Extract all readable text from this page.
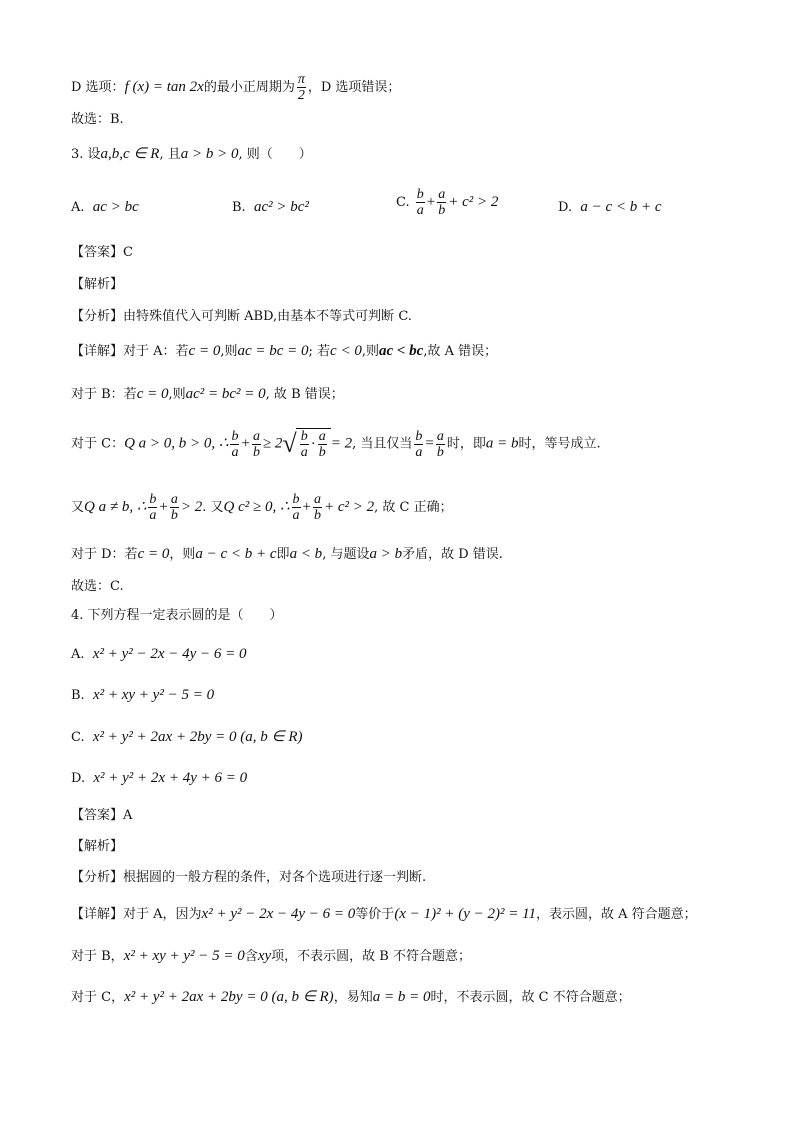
D 选项：f (x) = tan 2x的最小正周期为 $\frac{\pi}{2}$ ，D 选项错误；
故选：B.
3. 设a,b,c ∈ R, 且a > b > 0, 则（　　）
A. ac > bc	B. ac² > bc²	C. $\frac{b}{a} + \frac{a}{b} + c^2 > 2$	D. a − c < b + c
【答案】C
【解析】
【分析】由特殊值代入可判断 ABD,由基本不等式可判断 C.
【详解】对于 A：若c = 0,则ac = bc = 0; 若c < 0,则ac < bc,故 A 错误；
对于 B：若c = 0,则ac² = bc² = 0, 故 B 错误；
对于 C：Q a > 0, b > 0, ∴ $\frac{b}{a} + \frac{a}{b} \ge 2√ \frac{b}{a} \cdot \frac{a}{b} = 2$, 当且仅当 $\frac{b}{a} = \frac{a}{b}$ 时，即a = b时，等号成立.
又Q a ≠ b, ∴ $\frac{b}{a} + \frac{a}{b} > 2$. 又Q c² ≥ 0, ∴ $\frac{b}{a} + \frac{a}{b} + c^2 > 2$, 故 C 正确；
对于 D：若c = 0，则a − c < b + c即a < b, 与题设a > b矛盾，故 D 错误.
故选：C.
4. 下列方程一定表示圆的是（　　）
A. x² + y² − 2x − 4y − 6 = 0
B. x² + xy + y² − 5 = 0
C. x² + y² + 2ax + 2by = 0 (a, b ∈ R)
D. x² + y² + 2x + 4y + 6 = 0
【答案】A
【解析】
【分析】根据圆的一般方程的条件，对各个选项进行逐一判断.
【详解】对于 A，因为x² + y² − 2x − 4y − 6 = 0等价于(x − 1)² + (y − 2)² = 11，表示圆，故 A 符合题意；
对于 B，x² + xy + y² − 5 = 0含xy项，不表示圆，故 B 不符合题意；
对于 C，x² + y² + 2ax + 2by = 0 (a, b ∈ R)，易知a = b = 0时，不表示圆，故 C 不符合题意；
